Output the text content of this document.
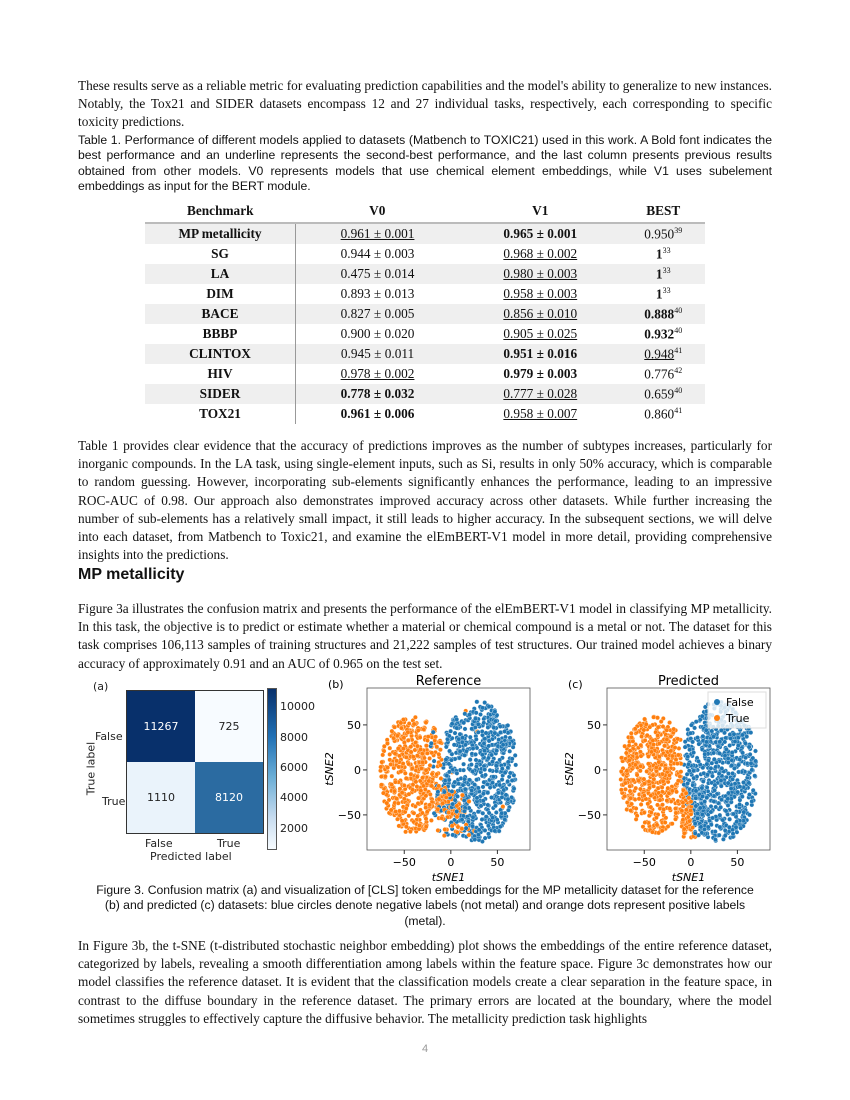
These results serve as a reliable metric for evaluating prediction capabilities and the model's ability to generalize to new instances. Notably, the Tox21 and SIDER datasets encompass 12 and 27 individual tasks, respectively, each corresponding to specific toxicity predictions.

Table 1. Performance of different models applied to datasets (Matbench to TOXIC21) used in this work. A Bold font indicates the best performance and an underline represents the second-best performance, and the last column presents previous results obtained from other models. V0 represents models that use chemical element embeddings, while V1 uses subelement embeddings as input for the BERT module.

Benchmark	V0	V1	BEST
MP metallicity	0.961 ± 0.001	0.965 ± 0.001	0.950$^{39}$
SG	0.944 ± 0.003	0.968 ± 0.002	$1^{33}$
LA	0.475 ± 0.014	0.980 ± 0.003	$1^{33}$
DIM	0.893 ± 0.013	0.958 ± 0.003	$1^{33}$
BACE	0.827 ± 0.005	0.856 ± 0.010	0.888$^{40}$
BBBP	0.900 ± 0.020	0.905 ± 0.025	0.932$^{40}$
CLINTOX	0.945 ± 0.011	0.951 ± 0.016	0.948$^{41}$
HIV	0.978 ± 0.002	0.979 ± 0.003	0.776$^{42}$
SIDER	0.778 ± 0.032	0.777 ± 0.028	0.659$^{40}$
TOX21	0.961 ± 0.006	0.958 ± 0.007	0.860$^{41}$

Table 1 provides clear evidence that the accuracy of predictions improves as the number of subtypes increases, particularly for inorganic compounds. In the LA task, using single-element inputs, such as Si, results in only 50% accuracy, which is comparable to random guessing. However, incorporating sub-elements significantly enhances the performance, leading to an impressive ROC-AUC of 0.98. Our approach also demonstrates improved accuracy across other datasets. While further increasing the number of sub-elements has a relatively small impact, it still leads to higher accuracy. In the subsequent sections, we will delve into each dataset, from Matbench to Toxic21, and examine the elEmBERT-V1 model in more detail, providing comprehensive insights into the predictions.

MP metallicity

Figure 3a illustrates the confusion matrix and presents the performance of the elEmBERT-V1 model in classifying MP metallicity. In this task, the objective is to predict or estimate whether a material or chemical compound is a metal or not. The dataset for this task comprises 106,113 samples of training structures and 21,222 samples of test structures. Our trained model achieves a binary accuracy of approximately 0.91 and an AUC of 0.965 on the test set.

(a)
11267	725
1110	8120
False
True
True label
False	True
Predicted label
10000
8000
6000
4000
2000
Reference
(b)
−50	0	50
50
0
−50
tSNE1
tSNE2
Predicted
(c)
−50	0	50
50
0
−50
tSNE1
tSNE2
False
True

Figure 3. Confusion matrix (a) and visualization of [CLS] token embeddings for the MP metallicity dataset for the reference (b) and predicted (c) datasets: blue circles denote negative labels (not metal) and orange dots represent positive labels (metal).

In Figure 3b, the t-SNE (t-distributed stochastic neighbor embedding) plot shows the embeddings of the entire reference dataset, categorized by labels, revealing a smooth differentiation among labels within the feature space. Figure 3c demonstrates how our model classifies the reference dataset. It is evident that the classification models create a clear separation in the feature space, in contrast to the diffuse boundary in the reference dataset. The primary errors are located at the boundary, where the model sometimes struggles to effectively capture the diffusive behavior. The metallicity prediction task highlights

4
